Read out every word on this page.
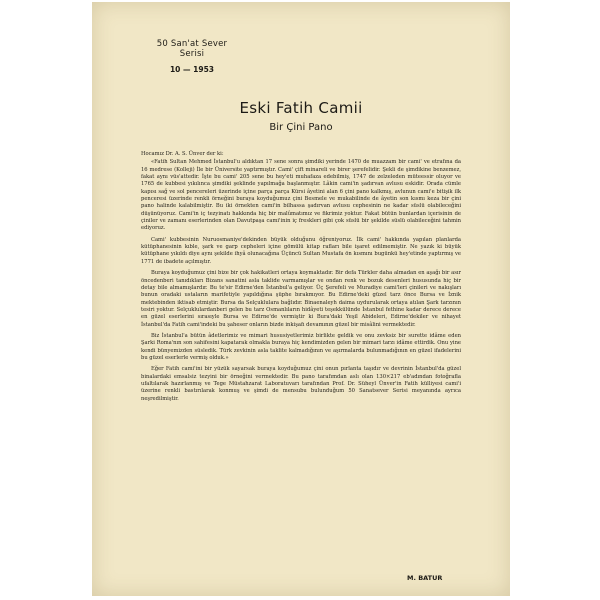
50 San'at Sever Serisi
10 — 1953
Eski Fatih Camii
Bir Çini Pano

Hocamız Dr. A. S. Ünver der ki:

«Fatih Sultan Mehmed İstanbul'u aldıktan 17 sene sonra şimdiki yerinde 1470 de muazzam bir cami' ve etrafına da 16 medrese (Kolleji) İle bir Üniversite yaptırmıştır. Cami' çift minareli ve birer şerefelidir. Şekli de şimdikine benzemez, fakat aynı vüs'attedir. İşte bu cami' 205 sene bu hey'eti muhafaza edebilmiş, 1747 de zelzeleden müteessir oluyor ve 1765 de kubbesi yıkılınca şimdiki şeklinde yapılmağa başlanmıştır. Lâkin cami'in şadırvan avlusu eskidir. Orada cümle kapısı sağ ve sol pencereleri üzerinde içine parça parça Kürsi âyetini alan 6 çini pano kalkmış, avlunun cami'e bitişik ilk penceresi üzerinde renkli örneğini buraya koyduğumuz çini Besmele ve mukabilinde de âyetin son kısmı keza bir çini pano halinde kalabilmiştir. Bu iki örnekten cami'in bilhassa şadırvan avlusu cephesinin ne kadar süslü olabileceğini düşünüyoruz. Cami'in iç tezyinatı hakkında hiç bir malûmatımız ve fikrimiz yoktur. Fakat bütün bunlardan içerisinin de çiniler ve zamanı eserlerinden olan Davutpaşa cami'inin iç freskleri gibi çok süslü bir şekilde süslü olabileceğini tahmin ediyoruz.

Cami' kubbesinin Nuruosmaniye'dekinden büyük olduğunu öğreniyoruz. İlk cami' hakkında yapılan planlarda kütüphanesinin kıble, şark ve garp cepheleri içine gömülü kitap rafları bile işaret edilmemiştir. Ne yazık ki büyük kütüphane yıkıldı diye aynı şekilde ihyâ olunacağına Üçüncü Sultan Mustafa ön kısmını bugünkü hey'etinde yaptırmış ve 1771 de ibadete açılmıştır.

Buraya koyduğumuz çini bize bir çok hakikatleri ortaya koymaktadır. Bir defa Türkler daha almadan en aşağı bir asır öncedenberi tanıdıkları Bizans sanatini asla taklide varmamışlar ve ondan renk ve bozuk desenleri hususunda hiç bir detay bile almamışlardır. Bu te'sir Edirne'den İstanbul'a geliyor. Üç Şerefeli ve Muradiye cami'leri çinileri ve nakışları bunun oradaki ustaların marifetiyle yapıldığına şüphe bırakmıyor. Bu Edirne'deki güzel tarz önce Bursa ve İznik mektebinden iktisab etmiştir. Bursa da Selçuklulara bağlıdır. Binaenaleyh daima uydurularak ortaya atılan Şark tarzının tesiri yoktur. Selçuklulardanberi gelen bu tarz Osmanlıların hidâyeti teşekkülünde İstanbul fethine kadar derece derece en güzel eserlerini sırasıyle Bursa ve Edirne'de vermiştir ki Bura'daki Yeşil Abideleri, Edirne'dekiler ve nihayet İstanbul'da Fatih cami'indeki bu şaheser onların bizde inkişafı devamının güzel bir misâlini vermektedir.

Biz İstanbul'a bütün âdetlerimiz ve mimari hususiyetlerimiz birlikte geldik ve onu zevksiz bir surette idâme eden Şarki Roma'nın son sahifesini kapatarak olmakla buraya hiç kendimizden gelen bir mimari tarzı idâme ettirdik. Onu yine kendi bünyemizden süsledik. Türk zevkinin asla taklite kalmadığının ve aşırmalarda bulunmadığının en güzel ifadelerini bu güzel eserlerle vermiş olduk.»

Eğer Fatih cami'ini bir yüzük sayarsak buraya koyduğumuz çini onun pırlanta taşıdır ve devrinin İstanbul'da güzel binalardaki emsalsiz tezyini bir örneğini vermektedir. Bu pano tarafımdan aslı olan 130×217 eb'adından fotoğrafla ufaltılarak hazırlanmış ve Tege Müstahzarat Laboratuvarı tarafından Prof. Dr. Süheyl Ünver'in Fatih külliyesi cami'i üzerine renkli bastırılarak konmuş ve şimdi de mensubu bulunduğum 50 Sanatsever Serisi meyanında ayrıca neşredilmiştir.

M. BATUR
